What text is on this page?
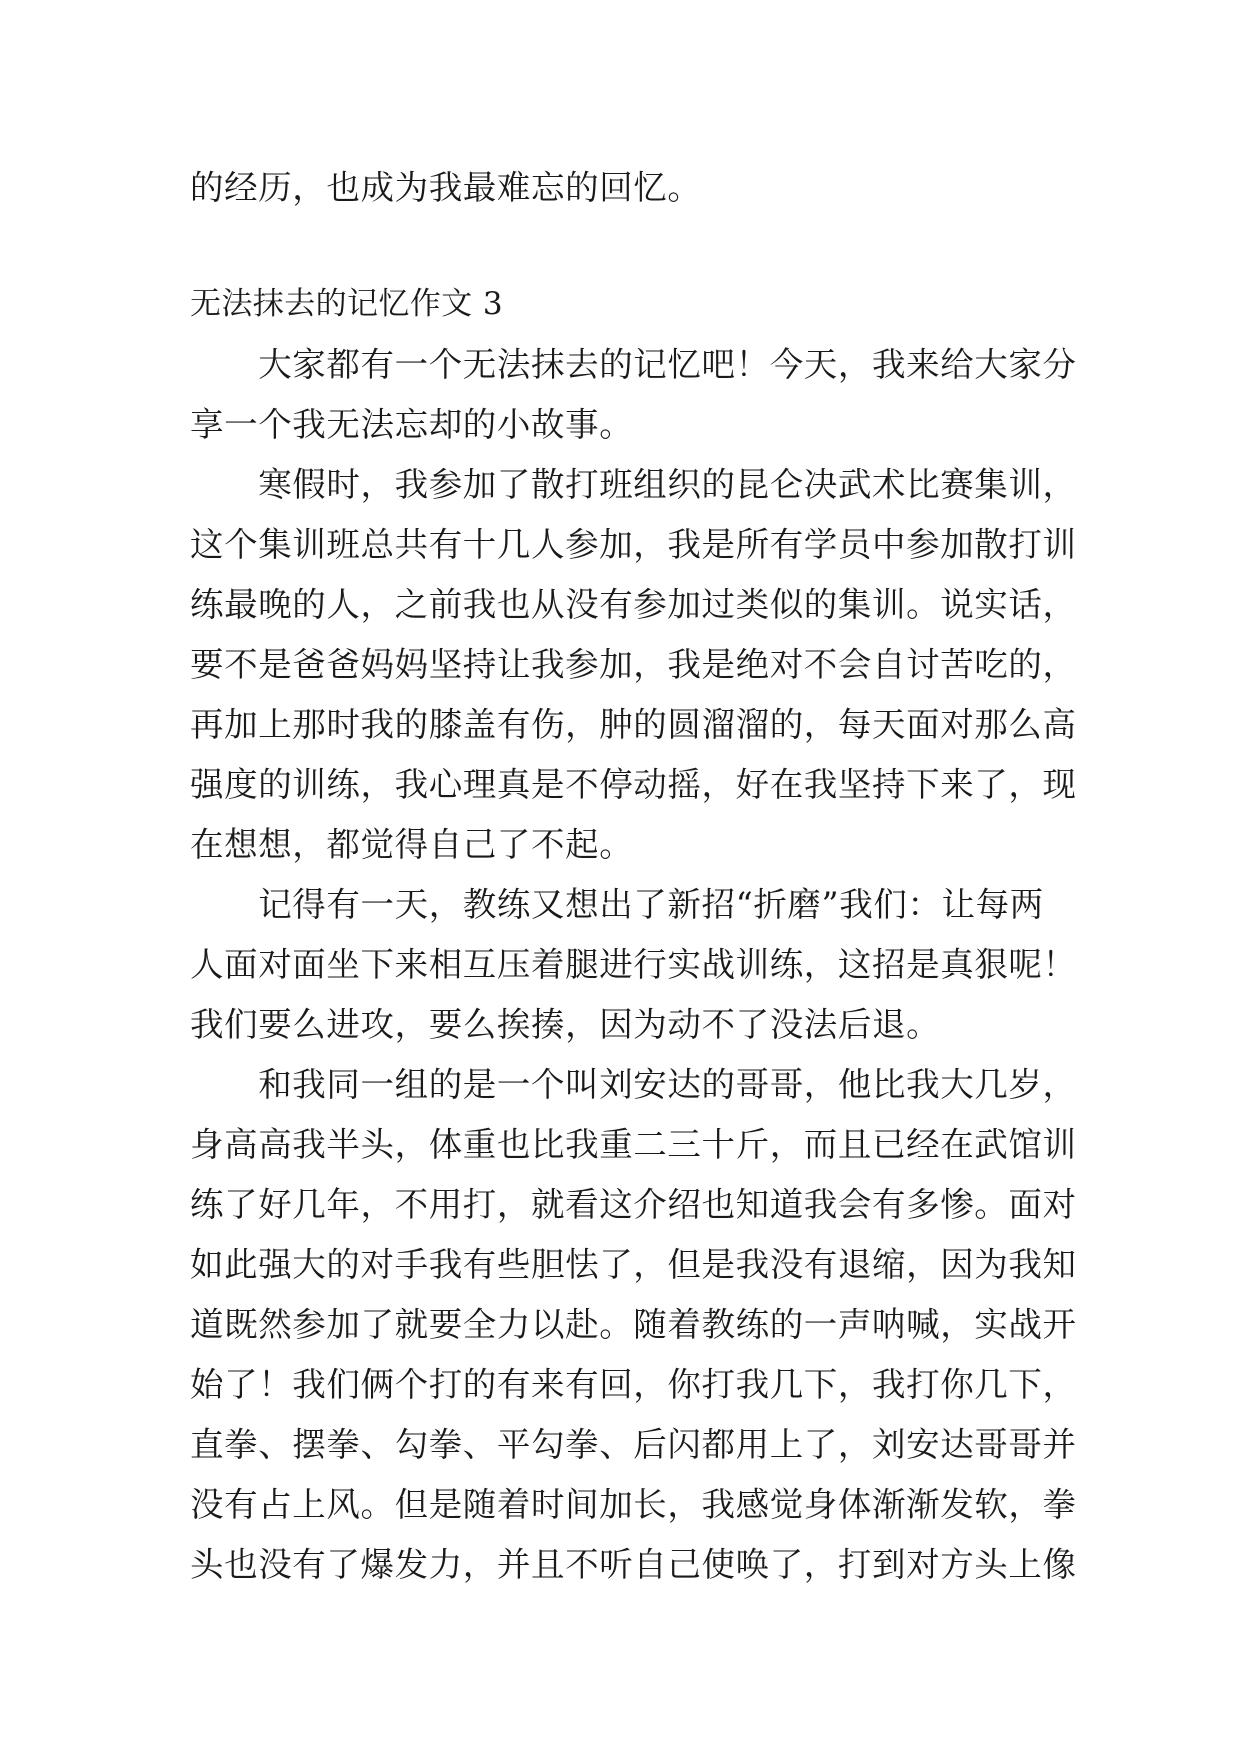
的经历，也成为我最难忘的回忆。
无法抹去的记忆作文 3
　　大家都有一个无法抹去的记忆吧！今天，我来给大家分
享一个我无法忘却的小故事。
　　寒假时，我参加了散打班组织的昆仑决武术比赛集训，
这个集训班总共有十几人参加，我是所有学员中参加散打训
练最晚的人，之前我也从没有参加过类似的集训。说实话，
要不是爸爸妈妈坚持让我参加，我是绝对不会自讨苦吃的，
再加上那时我的膝盖有伤，肿的圆溜溜的，每天面对那么高
强度的训练，我心理真是不停动摇，好在我坚持下来了，现
在想想，都觉得自己了不起。
　　记得有一天，教练又想出了新招“折磨”我们：让每两
人面对面坐下来相互压着腿进行实战训练，这招是真狠呢！
我们要么进攻，要么挨揍，因为动不了没法后退。
　　和我同一组的是一个叫刘安达的哥哥，他比我大几岁，
身高高我半头，体重也比我重二三十斤，而且已经在武馆训
练了好几年，不用打，就看这介绍也知道我会有多惨。面对
如此强大的对手我有些胆怯了，但是我没有退缩，因为我知
道既然参加了就要全力以赴。随着教练的一声呐喊，实战开
始了！我们俩个打的有来有回，你打我几下，我打你几下，
直拳、摆拳、勾拳、平勾拳、后闪都用上了，刘安达哥哥并
没有占上风。但是随着时间加长，我感觉身体渐渐发软，拳
头也没有了爆发力，并且不听自己使唤了，打到对方头上像
